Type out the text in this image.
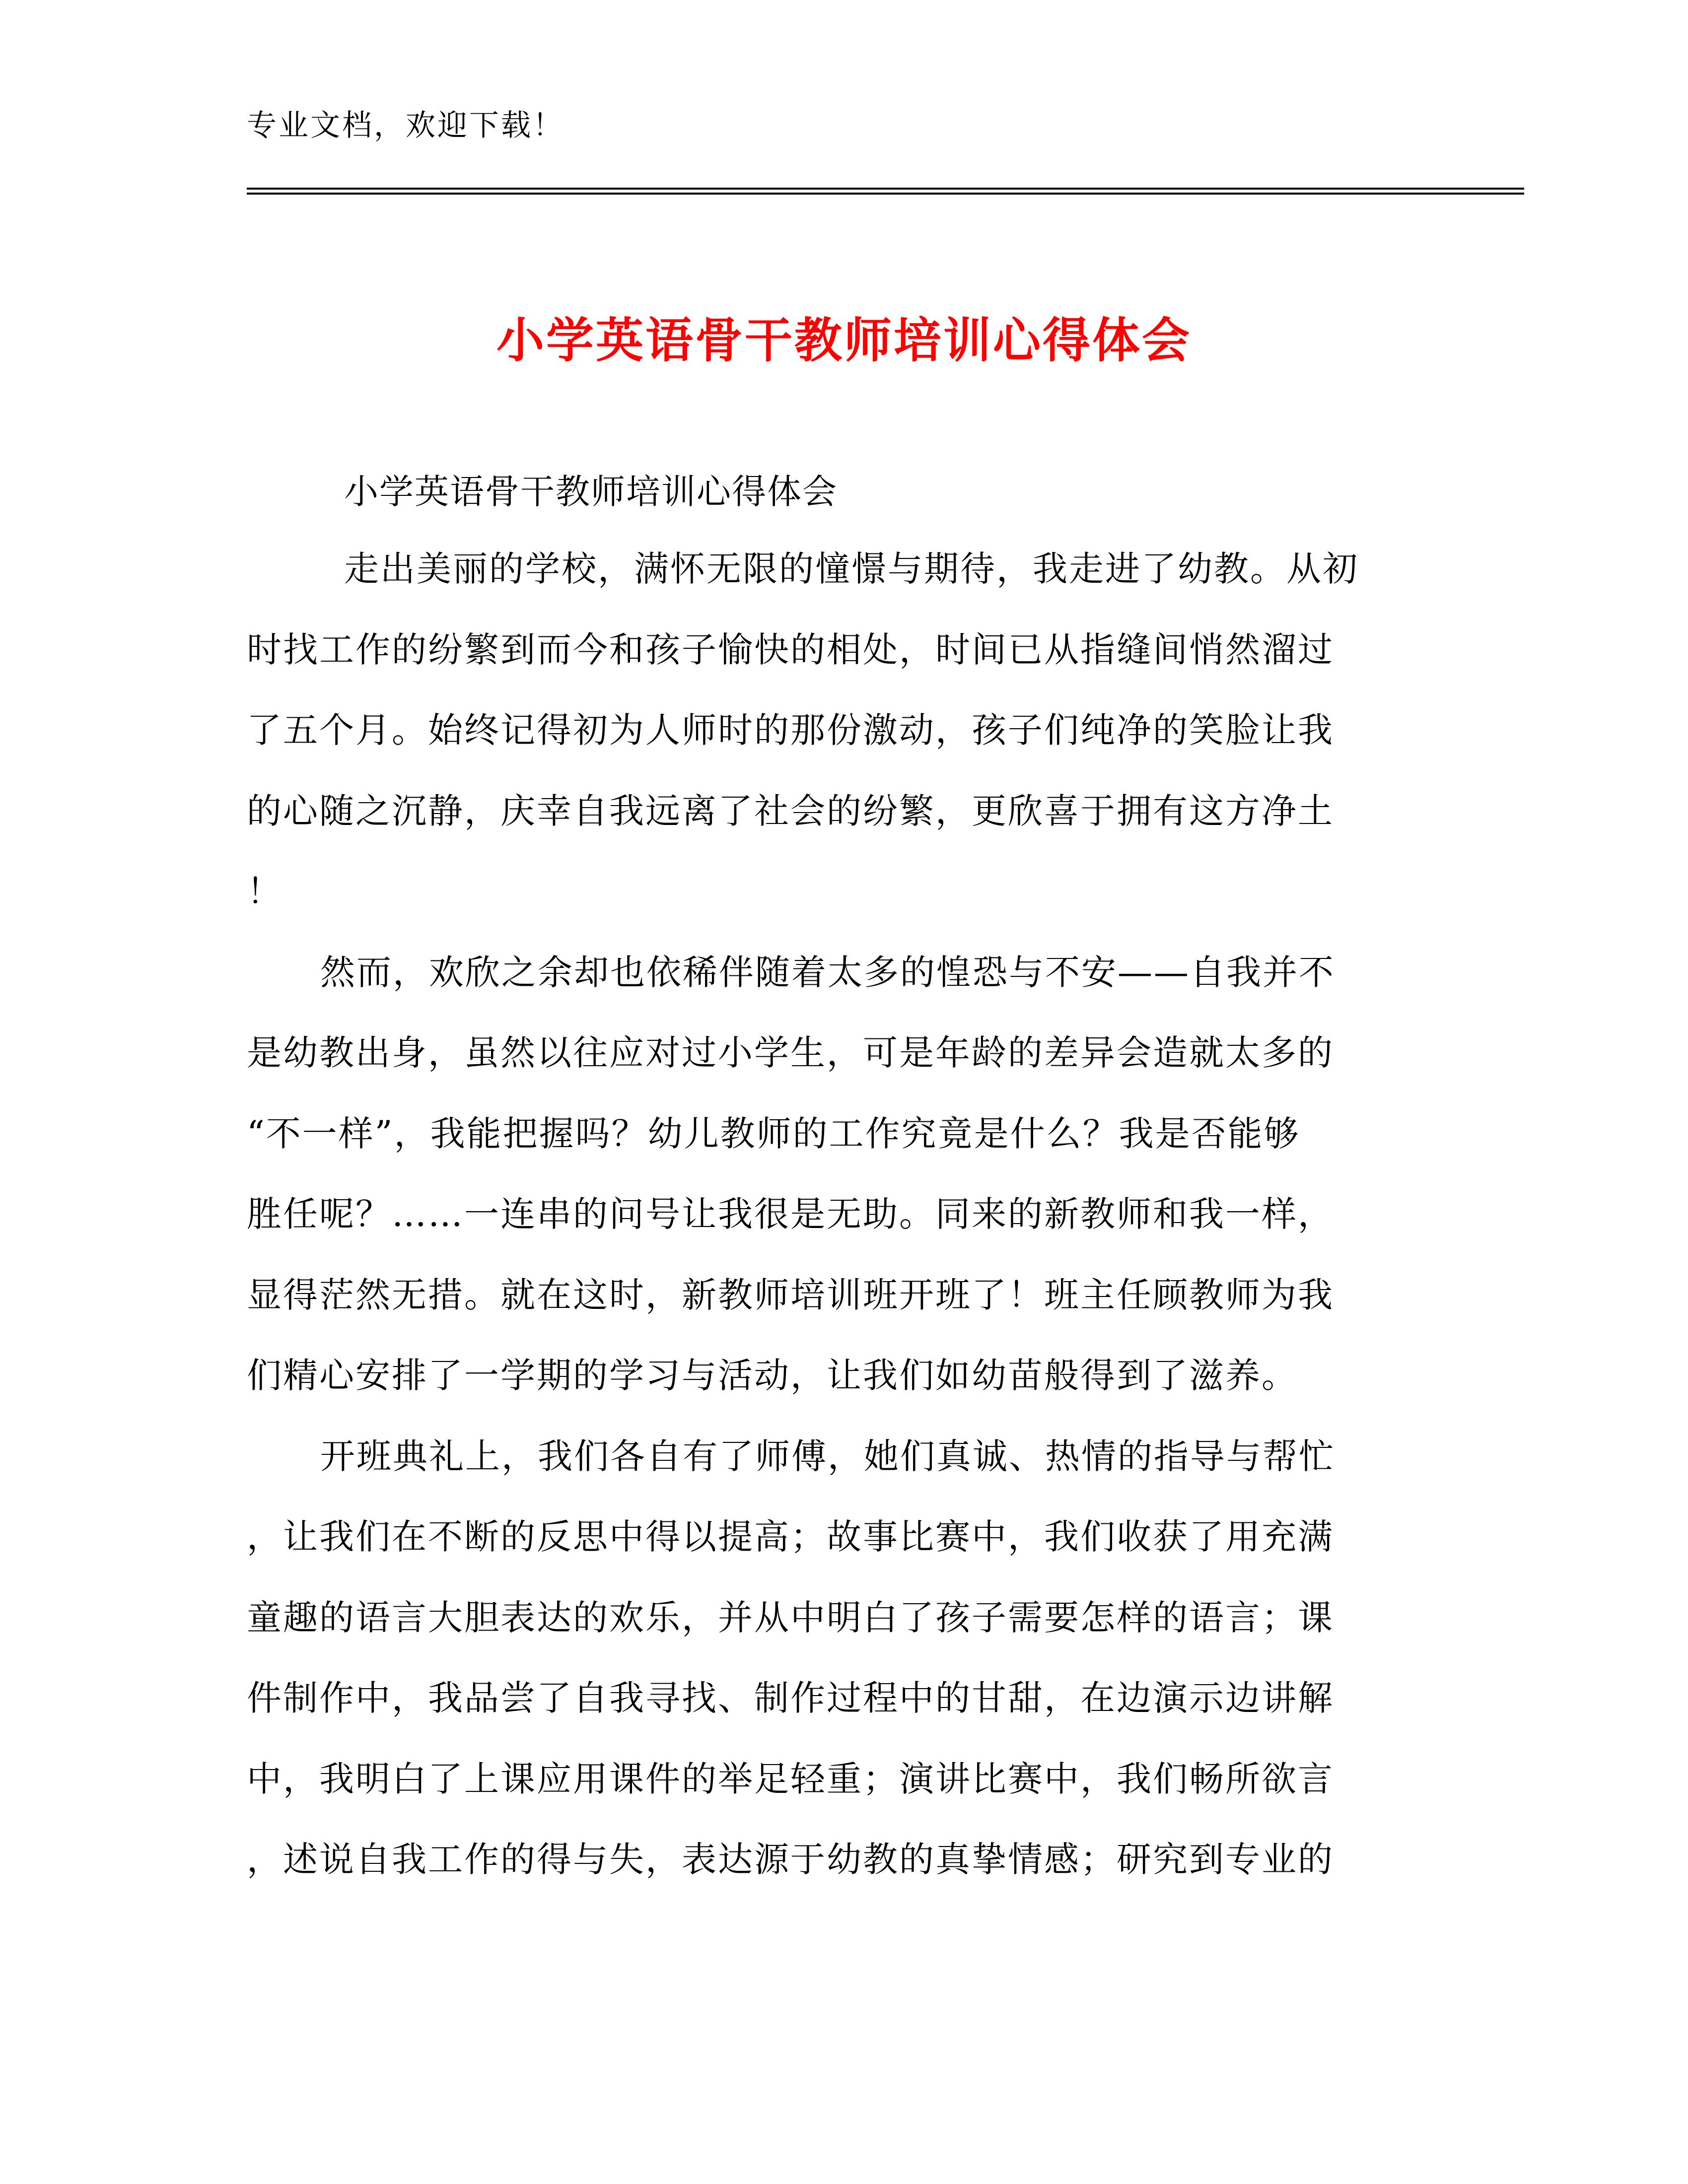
专业文档，欢迎下载！
小学英语骨干教师培训心得体会
小学英语骨干教师培训心得体会
走出美丽的学校，满怀无限的憧憬与期待，我走进了幼教。从初
时找工作的纷繁到而今和孩子愉快的相处，时间已从指缝间悄然溜过
了五个月。始终记得初为人师时的那份激动，孩子们纯净的笑脸让我
的心随之沉静，庆幸自我远离了社会的纷繁，更欣喜于拥有这方净土
！
然而，欢欣之余却也依稀伴随着太多的惶恐与不安——自我并不
是幼教出身，虽然以往应对过小学生，可是年龄的差异会造就太多的
“不一样”，我能把握吗？幼儿教师的工作究竟是什么？我是否能够
胜任呢？……一连串的问号让我很是无助。同来的新教师和我一样，
显得茫然无措。就在这时，新教师培训班开班了！班主任顾教师为我
们精心安排了一学期的学习与活动，让我们如幼苗般得到了滋养。
开班典礼上，我们各自有了师傅，她们真诚、热情的指导与帮忙
，让我们在不断的反思中得以提高；故事比赛中，我们收获了用充满
童趣的语言大胆表达的欢乐，并从中明白了孩子需要怎样的语言；课
件制作中，我品尝了自我寻找、制作过程中的甘甜，在边演示边讲解
中，我明白了上课应用课件的举足轻重；演讲比赛中，我们畅所欲言
，述说自我工作的得与失，表达源于幼教的真挚情感；研究到专业的
